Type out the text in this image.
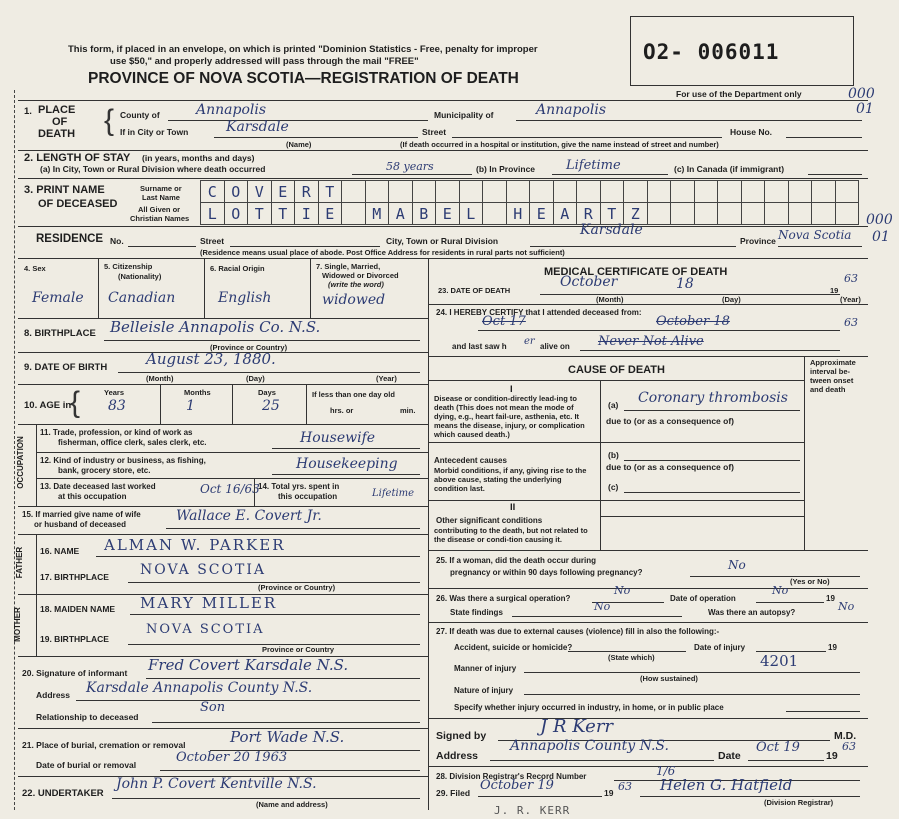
This form, if placed in an envelope, on which is printed "Dominion Statistics - Free, penalty for improper
use $50," and properly addressed will pass through the mail "FREE"
PROVINCE OF NOVA SCOTIA—REGISTRATION OF DEATH
O2- 006011
For use of the Department only	000
01
1. PLACE
OF
DEATH { County of	Annapolis	Municipality of	Annapolis
If in City or Town	Karsdale
(Name)
Street	House No.
(If death occurred in a hospital or institution, give the name instead of street and number)
2. LENGTH OF STAY (in years, months and days)
(a) In City, Town or Rural Division where death occurred	58 years	(b) In Province Lifetime	(c) In Canada (if immigrant)
3. PRINT NAME
OF DECEASED
Surname or
Last Name
All Given or
Christian Names
C O V E R T
L O T T I E	M A B E L	H E A R T Z
RESIDENCE No.	Street	City, Town or Rural Division
Karsdale
Province Nova Scotia
(Residence means usual place of abode. Post Office Address for residents in rural parts not sufficient)
000
01
4. Sex
Female
5. Citizenship
(Nationality)
Canadian
6. Racial Origin
English
7. Single, Married,
Widowed or Divorced
(write the word)
widowed
8. BIRTHPLACE Belleisle Annapolis Co. N.S.
(Province or Country)
9. DATE OF BIRTH	August 23, 1880.
(Month)	(Day)	(Year)
10. AGE in
{	Years
83
Months
1
Days
25
If less than one day old
hrs. or	min.
OCCUPATION
11. Trade, profession, or kind of work as
fisherman, office clerk, sales clerk, etc.	Housewife
12. Kind of industry or business, as fishing,
bank, grocery store, etc.	Housekeeping
13. Date deceased last worked
at this occupation
Oct 16/63
14. Total yrs. spent in
this occupation	Lifetime
15. If married give name of wife
or husband of deceased
Wallace E. Covert Jr.
FATHER 16. NAME ALMAN W. PARKER
17. BIRTHPLACE NOVA SCOTIA
(Province or Country)
MOTHER 18. MAIDEN NAME MARY MILLER
19. BIRTHPLACE
NOVA SCOTIA
Province or Country
20. Signature of informant Fred Covert Karsdale N.S.
Address Karsdale Annapolis County N.S.
Relationship to deceased
Son
21. Place of burial, cremation or removal	Port Wade N.S.
Date of burial or removal	October 20 1963
22. UNDERTAKER
John P. Covert Kentville N.S.
(Name and address)
MEDICAL CERTIFICATE OF DEATH
23. DATE OF DEATH
October	18	19
63
(Month)	(Day)	(Year)
24. I HEREBY CERTIFY that I attended deceased from:
Oct 17	October 18	63
and last saw h er alive on Never Not Alive
Approximate interval be-tween onset and death
CAUSE OF DEATH
I
Disease or condition-directly lead-ing to death (This does not mean the mode of dying, e.g., heart fail-ure, asthenia, etc. It means the disease, injury, or complication which caused death.)
(a) Coronary thrombosis
due to (or as a consequence of)
(b)
Antecedent causes
Morbid conditions, if any, giving rise to the above cause, stating the underlying condition last.
due to (or as a consequence of)
(c)
II
Other significant conditions
contributing to the death, but not related to the disease or condi-tion causing it.
25. If a woman, did the death occur during
pregnancy or within 90 days following pregnancy?
No
(Yes or No)
26. Was there a surgical operation?
No
Date of operation
No
19
State findings	No	Was there an autopsy?	No
27. If death was due to external causes (violence) fill in also the following:-
Accident, suicide or homicide?
(State which)
Date of injury	19
Manner of injury	4201
(How sustained)
Nature of injury
Specify whether injury occurred in industry, in home, or in public place
Signed by	J R Kerr	M.D.
Address
Annapolis County N.S.
Date
Oct 19
19
63
28. Division Registrar's Record Number	1/6
29. Filed October 19	19 63 Helen G. Hatfield
(Division Registrar)
J. R. KERR
